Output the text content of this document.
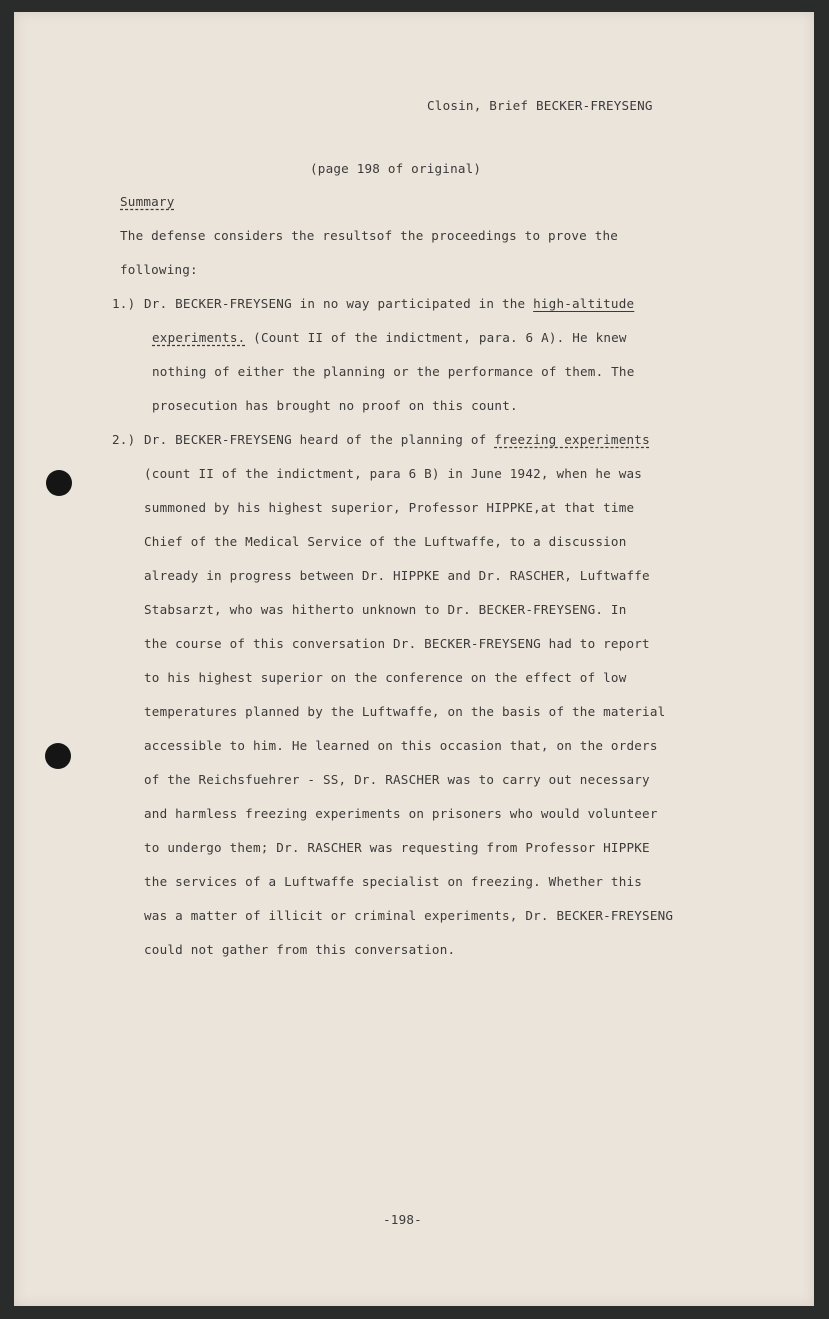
Closin, Brief BECKER-FREYSENG
(page 198 of original)
Summary
The defense considers the resultsof the proceedings to prove the
following:
1.) Dr. BECKER-FREYSENG in no way participated in the high-altitude
experiments. (Count II of the indictment, para. 6 A). He knew
nothing of either the planning or the performance of them. The
prosecution has brought no proof on this count.
2.) Dr. BECKER-FREYSENG heard of the planning of freezing experiments
(count II of the indictment, para 6 B) in June 1942, when he was
summoned by his highest superior, Professor HIPPKE,at that time
Chief of the Medical Service of the Luftwaffe, to a discussion
already in progress between Dr. HIPPKE and Dr. RASCHER, Luftwaffe
Stabsarzt, who was hitherto unknown to Dr. BECKER-FREYSENG. In
the course of this conversation Dr. BECKER-FREYSENG had to report
to his highest superior on the conference on the effect of low
temperatures planned by the Luftwaffe, on the basis of the material
accessible to him. He learned on this occasion that, on the orders
of the Reichsfuehrer - SS, Dr. RASCHER was to carry out necessary
and harmless freezing experiments on prisoners who would volunteer
to undergo them; Dr. RASCHER was requesting from Professor HIPPKE
the services of a Luftwaffe specialist on freezing. Whether this
was a matter of illicit or criminal experiments, Dr. BECKER-FREYSENG
could not gather from this conversation.
-198-
